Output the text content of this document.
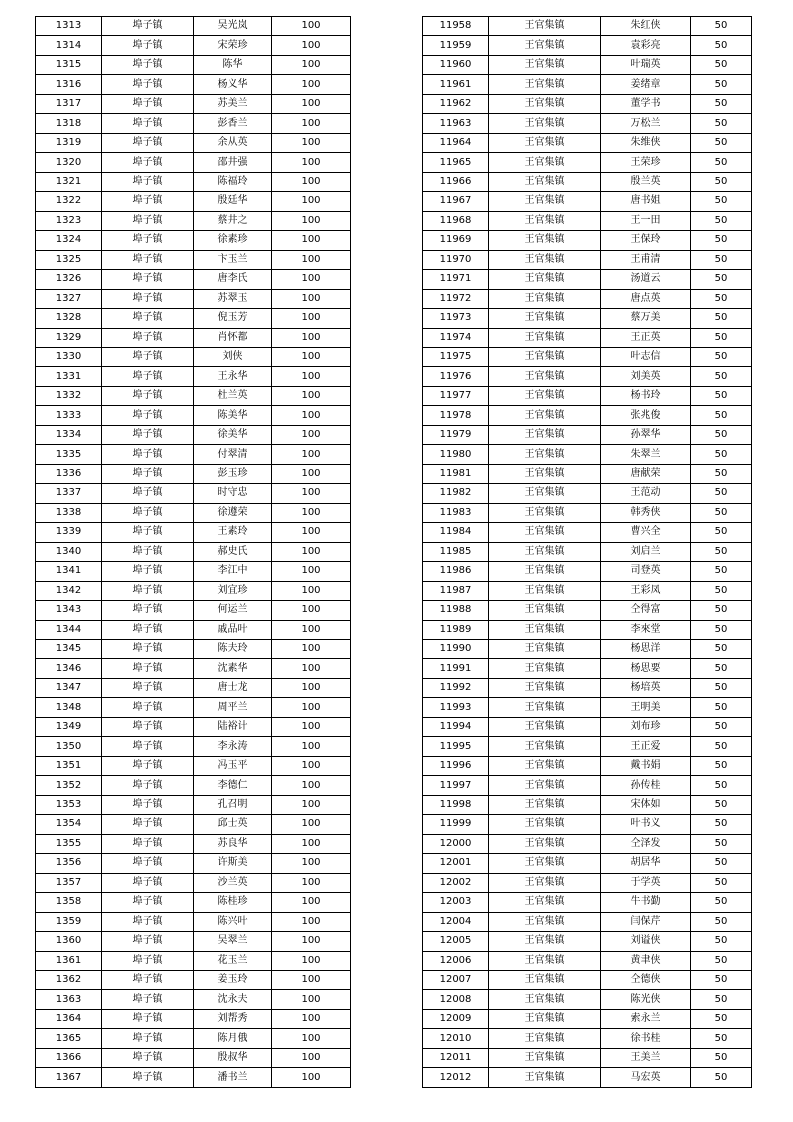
1313	埠子镇	吴光岚	100
1314	埠子镇	宋荣珍	100
1315	埠子镇	陈华	100
1316	埠子镇	杨义华	100
1317	埠子镇	苏美兰	100
1318	埠子镇	彭香兰	100
1319	埠子镇	余从英	100
1320	埠子镇	邵井强	100
1321	埠子镇	陈福玲	100
1322	埠子镇	殷廷华	100
1323	埠子镇	蔡井之	100
1324	埠子镇	徐素珍	100
1325	埠子镇	卞玉兰	100
1326	埠子镇	唐李氏	100
1327	埠子镇	苏翠玉	100
1328	埠子镇	倪玉芳	100
1329	埠子镇	肖怀都	100
1330	埠子镇	刘侠	100
1331	埠子镇	王永华	100
1332	埠子镇	杜兰英	100
1333	埠子镇	陈美华	100
1334	埠子镇	徐美华	100
1335	埠子镇	付翠清	100
1336	埠子镇	彭玉珍	100
1337	埠子镇	时守忠	100
1338	埠子镇	徐遵荣	100
1339	埠子镇	王素玲	100
1340	埠子镇	郝史氏	100
1341	埠子镇	李江中	100
1342	埠子镇	刘宜珍	100
1343	埠子镇	何运兰	100
1344	埠子镇	戚品叶	100
1345	埠子镇	陈夫玲	100
1346	埠子镇	沈素华	100
1347	埠子镇	唐士龙	100
1348	埠子镇	周平兰	100
1349	埠子镇	陆裕计	100
1350	埠子镇	李永涛	100
1351	埠子镇	冯玉平	100
1352	埠子镇	李德仁	100
1353	埠子镇	孔召明	100
1354	埠子镇	邱士英	100
1355	埠子镇	苏良华	100
1356	埠子镇	许斯美	100
1357	埠子镇	沙兰英	100
1358	埠子镇	陈桂珍	100
1359	埠子镇	陈兴叶	100
1360	埠子镇	吴翠兰	100
1361	埠子镇	花玉兰	100
1362	埠子镇	姜玉玲	100
1363	埠子镇	沈永夫	100
1364	埠子镇	刘帮秀	100
1365	埠子镇	陈月俄	100
1366	埠子镇	殷叔华	100
1367	埠子镇	潘书兰	100
11958	王官集镇	朱红侠	50
11959	王官集镇	袁彩亮	50
11960	王官集镇	叶瑞英	50
11961	王官集镇	姜绪章	50
11962	王官集镇	董学书	50
11963	王官集镇	万松兰	50
11964	王官集镇	朱维侠	50
11965	王官集镇	王荣珍	50
11966	王官集镇	殷兰英	50
11967	王官集镇	唐书姐	50
11968	王官集镇	王一田	50
11969	王官集镇	王保玲	50
11970	王官集镇	王甫清	50
11971	王官集镇	汤道云	50
11972	王官集镇	唐点英	50
11973	王官集镇	蔡万美	50
11974	王官集镇	王正英	50
11975	王官集镇	叶志信	50
11976	王官集镇	刘美英	50
11977	王官集镇	杨书玲	50
11978	王官集镇	张兆俊	50
11979	王官集镇	孙翠华	50
11980	王官集镇	朱翠兰	50
11981	王官集镇	唐献荣	50
11982	王官集镇	王范动	50
11983	王官集镇	韩秀侠	50
11984	王官集镇	曹兴全	50
11985	王官集镇	刘启兰	50
11986	王官集镇	司登英	50
11987	王官集镇	王彩凤	50
11988	王官集镇	仝得富	50
11989	王官集镇	李來堂	50
11990	王官集镇	杨思洋	50
11991	王官集镇	杨思要	50
11992	王官集镇	杨培英	50
11993	王官集镇	王明美	50
11994	王官集镇	刘布珍	50
11995	王官集镇	王正爱	50
11996	王官集镇	戴书娟	50
11997	王官集镇	孙传桂	50
11998	王官集镇	宋体如	50
11999	王官集镇	叶书义	50
12000	王官集镇	仝泽发	50
12001	王官集镇	胡居华	50
12002	王官集镇	于学英	50
12003	王官集镇	牛书勤	50
12004	王官集镇	闫保芹	50
12005	王官集镇	刘谥侠	50
12006	王官集镇	黄聿侠	50
12007	王官集镇	仝德侠	50
12008	王官集镇	陈光侠	50
12009	王官集镇	索永兰	50
12010	王官集镇	徐书桂	50
12011	王官集镇	王美兰	50
12012	王官集镇	马宏英	50
